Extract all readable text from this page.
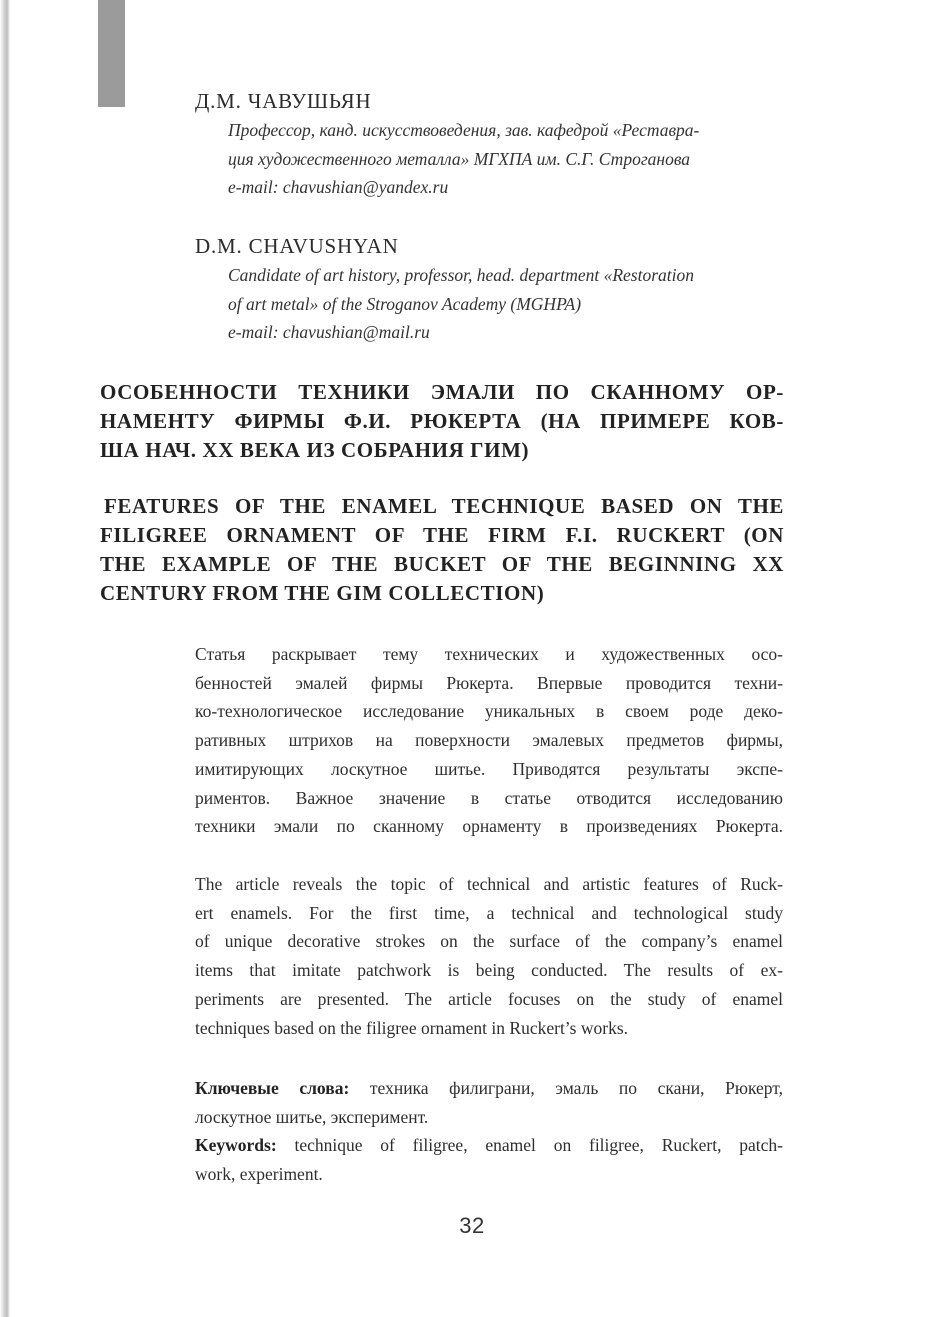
Д.М. ЧАВУШЬЯН
Профессор, канд. искусствоведения, зав. кафедрой «Реставра-
ция художественного металла» МГХПА им. С.Г. Строганова
e-mail: chavushian@yandex.ru
D.M. CHAVUSHYAN
Candidate of art history, professor, head. department «Restoration
of art metal» of the Stroganov Academy (MGHPA)
e-mail: chavushian@mail.ru
ОСОБЕННОСТИ ТЕХНИКИ ЭМАЛИ ПО СКАННОМУ ОР-
НАМЕНТУ ФИРМЫ Ф.И. РЮКЕРТА (НА ПРИМЕРЕ КОВ-
ША НАЧ. XX ВЕКА ИЗ СОБРАНИЯ ГИМ)
FEATURES OF THE ENAMEL TECHNIQUE BASED ON THE
FILIGREE ORNAMENT OF THE FIRM F.I. RUCKERT (ON
THE EXAMPLE OF THE BUCKET OF THE BEGINNING XX
CENTURY FROM THE GIM COLLECTION)
Статья раскрывает тему технических и художественных осо-
бенностей эмалей фирмы Рюкерта. Впервые проводится техни-
ко-технологическое исследование уникальных в своем роде деко-
ративных штрихов на поверхности эмалевых предметов фирмы,
имитирующих лоскутное шитье. Приводятся результаты экспе-
риментов. Важное значение в статье отводится исследованию
техники эмали по сканному орнаменту в произведениях Рюкерта.
The article reveals the topic of technical and artistic features of Ruck-
ert enamels. For the first time, a technical and technological study
of unique decorative strokes on the surface of the company’s enamel
items that imitate patchwork is being conducted. The results of ex-
periments are presented. The article focuses on the study of enamel
techniques based on the filigree ornament in Ruckert’s works.
Ключевые слова: техника филиграни, эмаль по скани, Рюкерт,
лоскутное шитье, эксперимент.
Keywords: technique of filigree, enamel on filigree, Ruckert, patch-
work, experiment.
32
